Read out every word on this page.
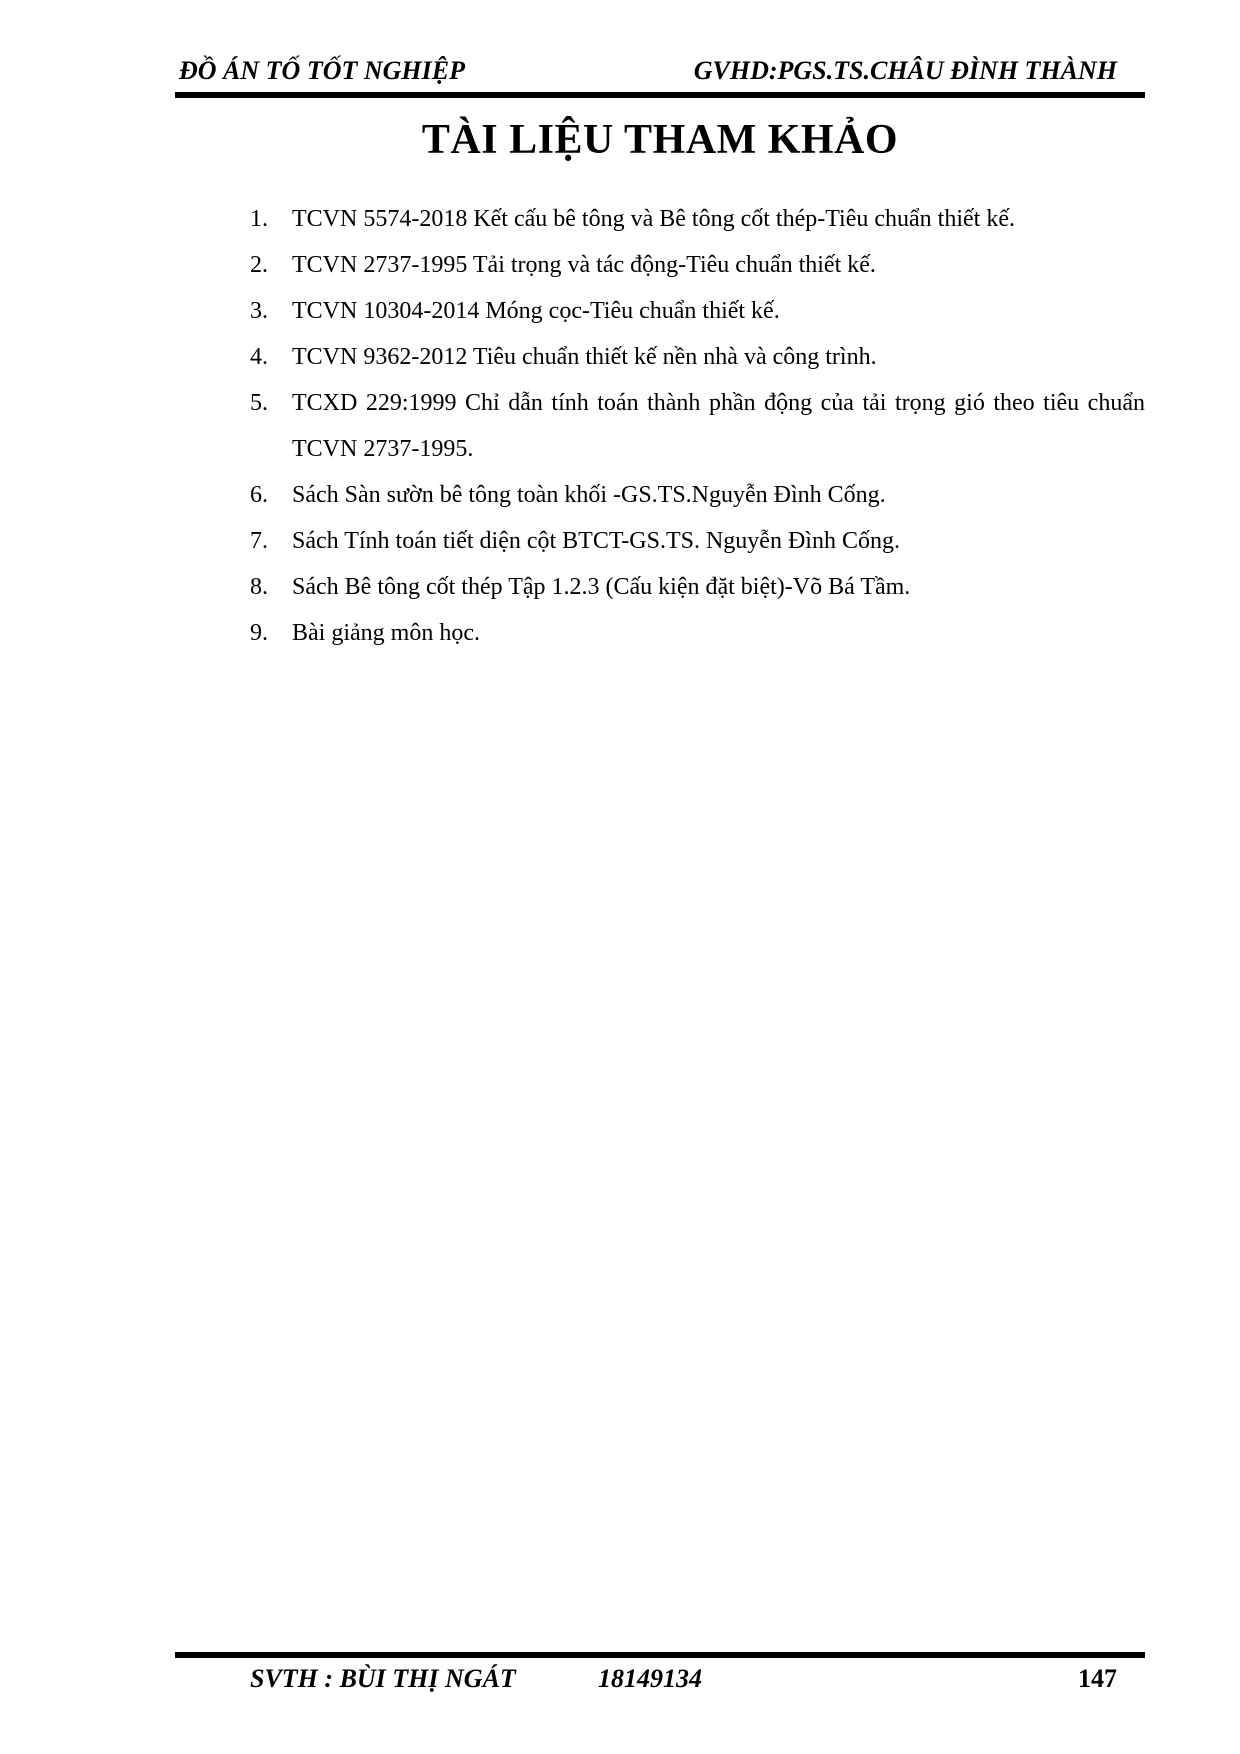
ĐỒ ÁN TỐ TỐT NGHIỆP	GVHD:PGS.TS.CHÂU ĐÌNH THÀNH
TÀI LIỆU THAM KHẢO
1. TCVN 5574-2018 Kết cấu bê tông và Bê tông cốt thép-Tiêu chuẩn thiết kế.
2. TCVN 2737-1995 Tải trọng và tác động-Tiêu chuẩn thiết kế.
3. TCVN 10304-2014 Móng cọc-Tiêu chuẩn thiết kế.
4. TCVN 9362-2012 Tiêu chuẩn thiết kế nền nhà và công trình.
5. TCXD 229:1999 Chỉ dẫn tính toán thành phần động của tải trọng gió theo tiêu chuẩn TCVN 2737-1995.
6. Sách Sàn sườn bê tông toàn khối -GS.TS.Nguyễn Đình Cống.
7. Sách Tính toán tiết diện cột BTCT-GS.TS. Nguyễn Đình Cống.
8. Sách Bê tông cốt thép Tập 1.2.3 (Cấu kiện đặt biệt)-Võ Bá Tầm.
9. Bài giảng môn học.
SVTH : BÙI THỊ NGÁT	18149134	147
